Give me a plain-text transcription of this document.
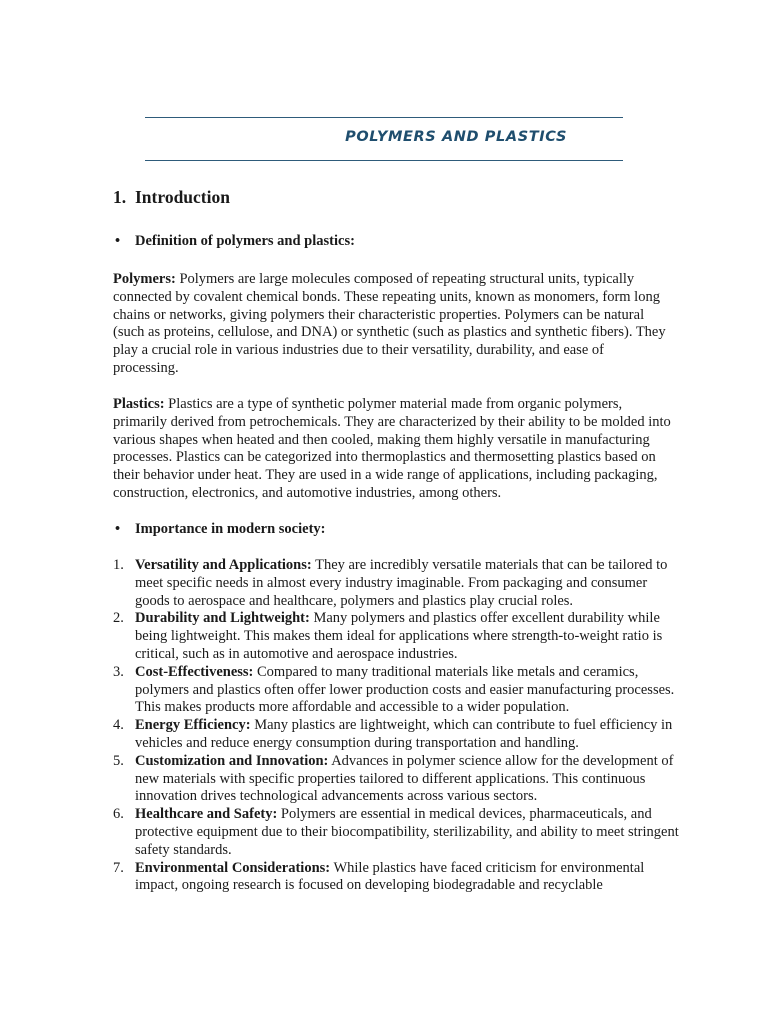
POLYMERS AND PLASTICS
1. Introduction

• Definition of polymers and plastics:

Polymers: Polymers are large molecules composed of repeating structural units, typically connected by covalent chemical bonds. These repeating units, known as monomers, form long chains or networks, giving polymers their characteristic properties. Polymers can be natural (such as proteins, cellulose, and DNA) or synthetic (such as plastics and synthetic fibers). They play a crucial role in various industries due to their versatility, durability, and ease of processing.

Plastics: Plastics are a type of synthetic polymer material made from organic polymers, primarily derived from petrochemicals. They are characterized by their ability to be molded into various shapes when heated and then cooled, making them highly versatile in manufacturing processes. Plastics can be categorized into thermoplastics and thermosetting plastics based on their behavior under heat. They are used in a wide range of applications, including packaging, construction, electronics, and automotive industries, among others.

• Importance in modern society:

1. Versatility and Applications: They are incredibly versatile materials that can be tailored to meet specific needs in almost every industry imaginable. From packaging and consumer goods to aerospace and healthcare, polymers and plastics play crucial roles.
2. Durability and Lightweight: Many polymers and plastics offer excellent durability while being lightweight. This makes them ideal for applications where strength-to-weight ratio is critical, such as in automotive and aerospace industries.
3. Cost-Effectiveness: Compared to many traditional materials like metals and ceramics, polymers and plastics often offer lower production costs and easier manufacturing processes. This makes products more affordable and accessible to a wider population.
4. Energy Efficiency: Many plastics are lightweight, which can contribute to fuel efficiency in vehicles and reduce energy consumption during transportation and handling.
5. Customization and Innovation: Advances in polymer science allow for the development of new materials with specific properties tailored to different applications. This continuous innovation drives technological advancements across various sectors.
6. Healthcare and Safety: Polymers are essential in medical devices, pharmaceuticals, and protective equipment due to their biocompatibility, sterilizability, and ability to meet stringent safety standards.
7. Environmental Considerations: While plastics have faced criticism for environmental impact, ongoing research is focused on developing biodegradable and recyclable
